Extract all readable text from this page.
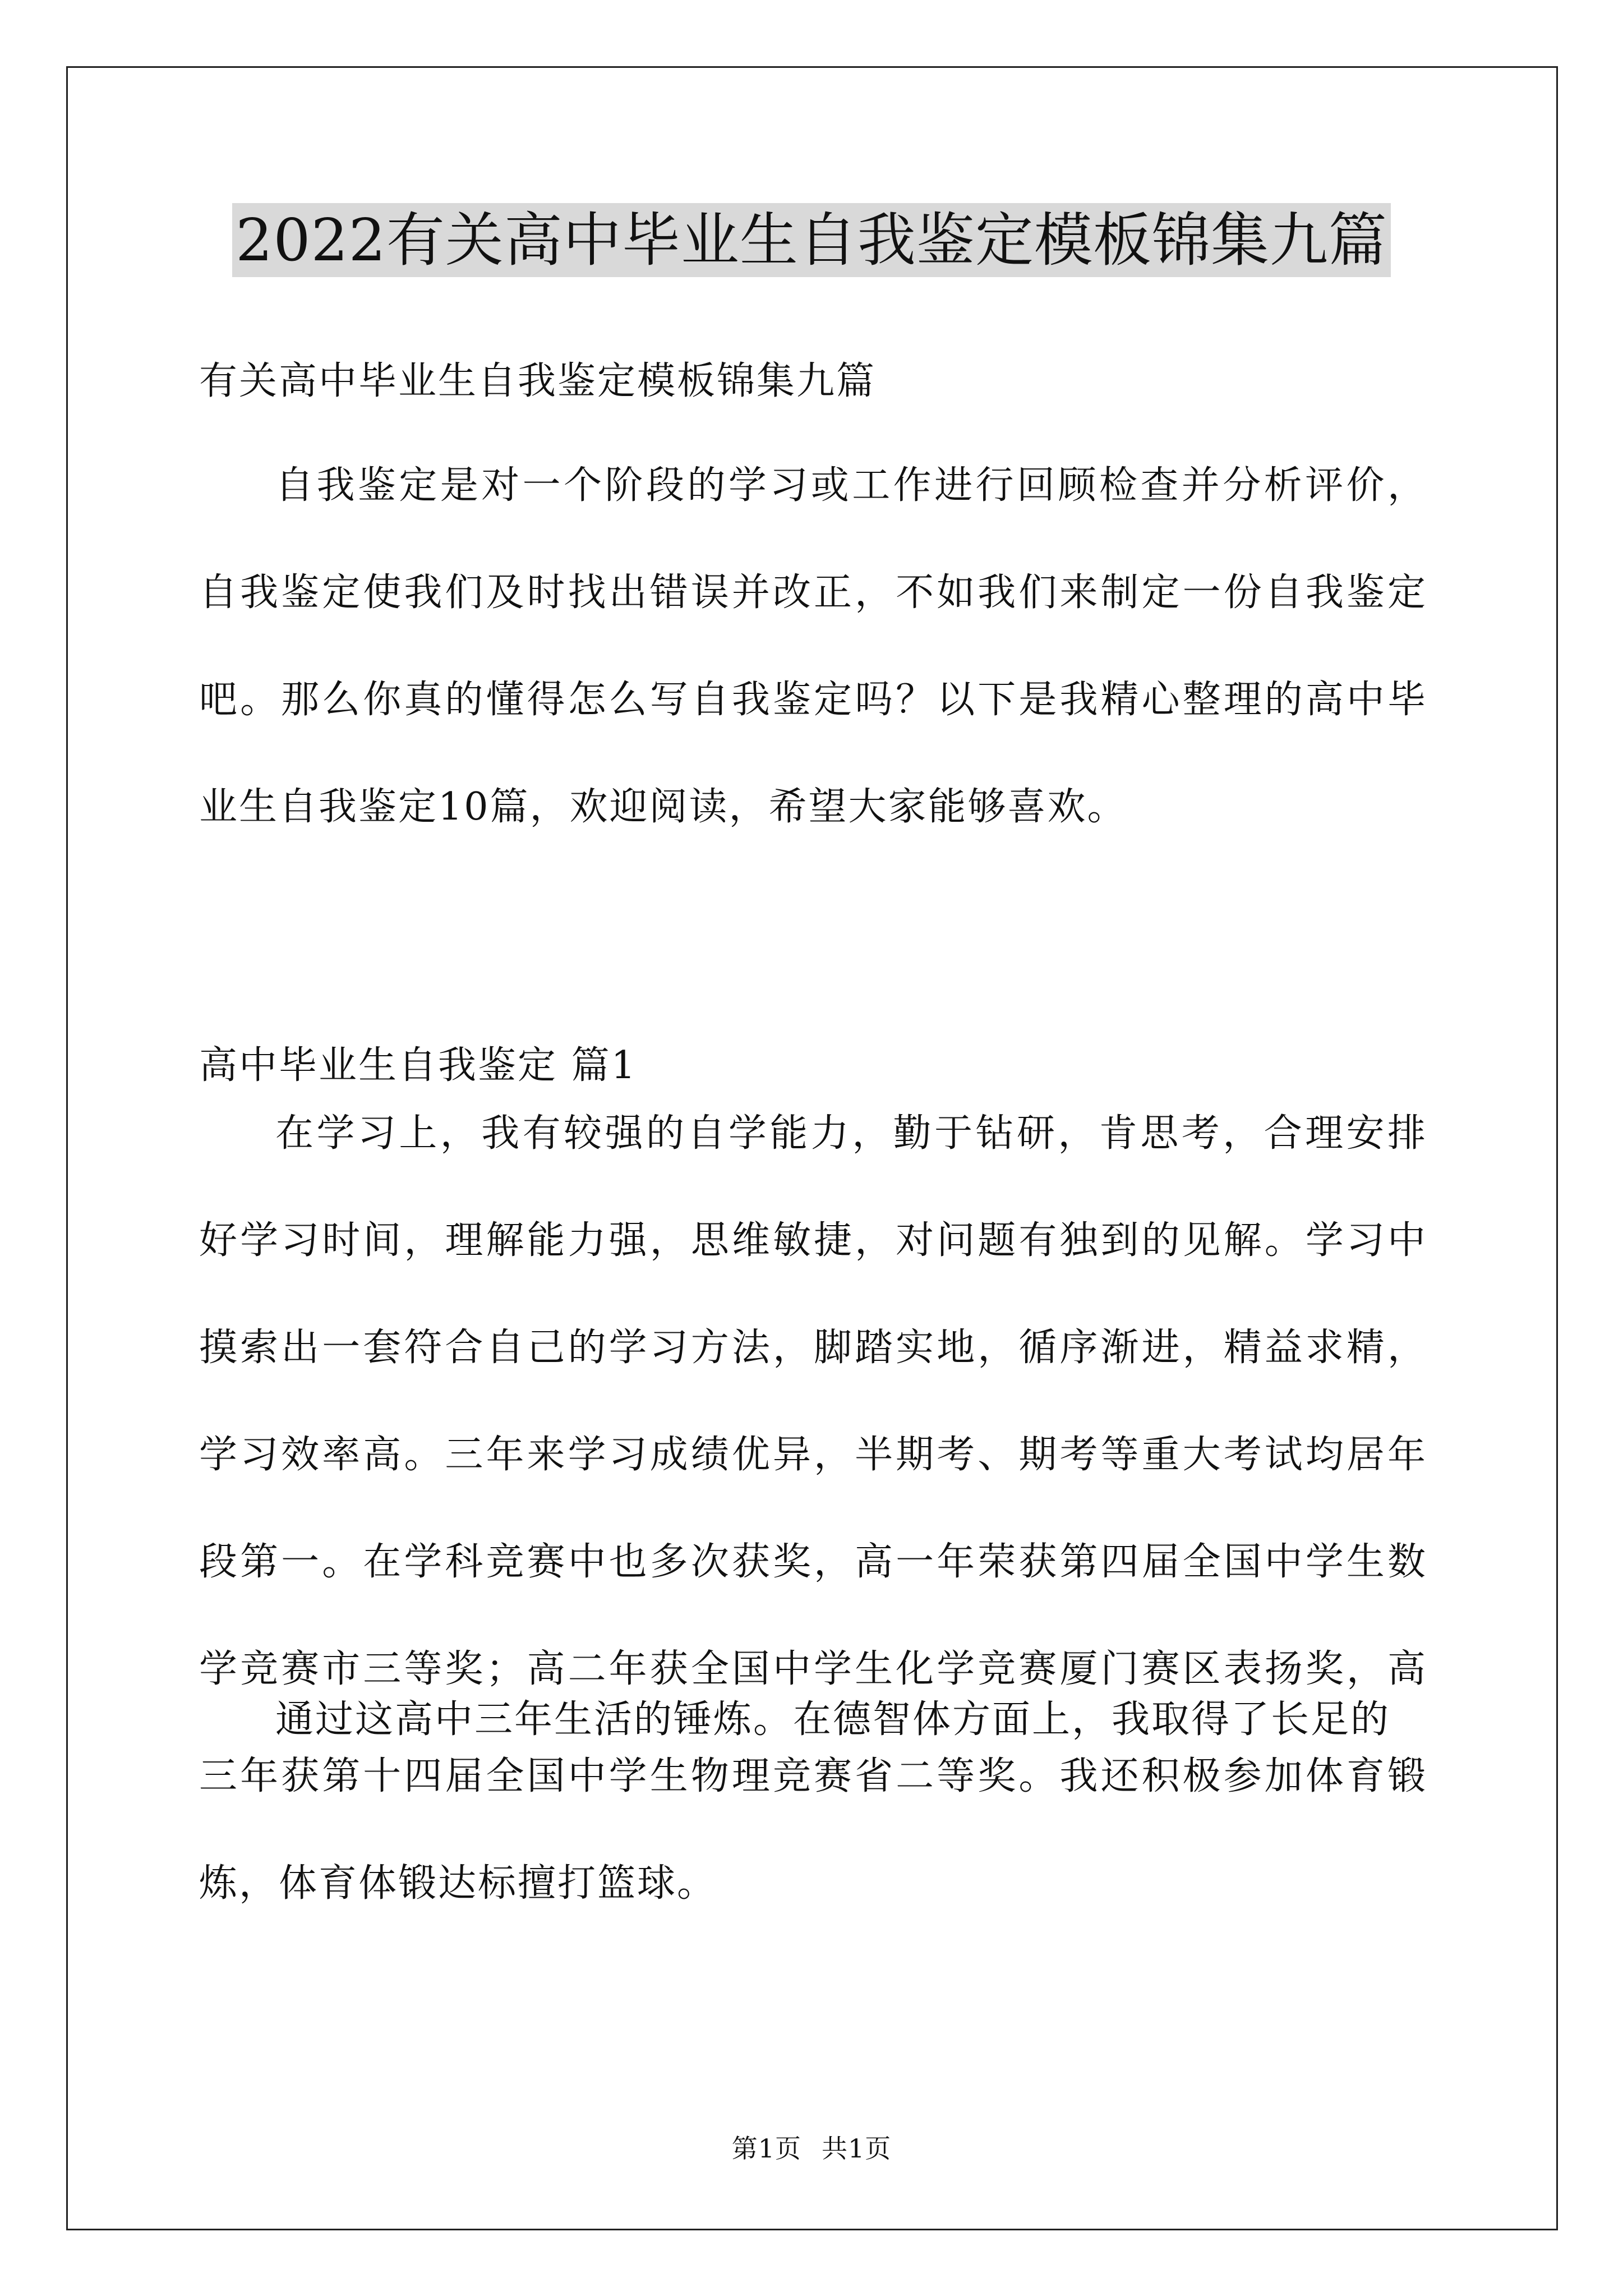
2022有关高中毕业生自我鉴定模板锦集九篇
有关高中毕业生自我鉴定模板锦集九篇

自我鉴定是对一个阶段的学习或工作进行回顾检查并分析评价，自我鉴定使我们及时找出错误并改正，不如我们来制定一份自我鉴定吧。那么你真的懂得怎么写自我鉴定吗？以下是我精心整理的高中毕业生自我鉴定10篇，欢迎阅读，希望大家能够喜欢。

高中毕业生自我鉴定 篇1

在学习上，我有较强的自学能力，勤于钻研，肯思考，合理安排好学习时间，理解能力强，思维敏捷，对问题有独到的见解。学习中摸索出一套符合自己的学习方法，脚踏实地，循序渐进，精益求精，学习效率高。三年来学习成绩优异，半期考、期考等重大考试均居年段第一。在学科竞赛中也多次获奖，高一年荣获第四届全国中学生数学竞赛市三等奖；高二年获全国中学生化学竞赛厦门赛区表扬奖，高三年获第十四届全国中学生物理竞赛省二等奖。我还积极参加体育锻炼，体育体锻达标擅打篮球。

通过这高中三年生活的锤炼。在德智体方面上，我取得了长足的

第1页 共1页
